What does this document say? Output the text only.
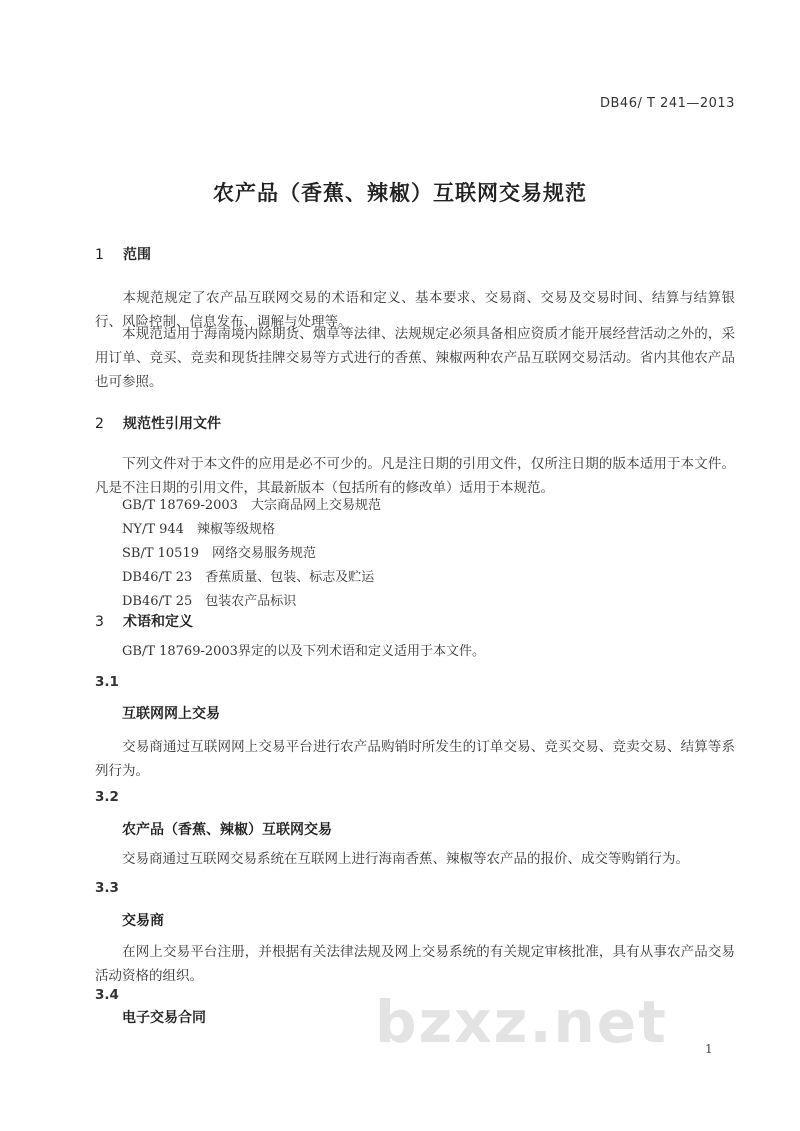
DB46/ T 241—2013
农产品（香蕉、辣椒）互联网交易规范
1 范围
本规范规定了农产品互联网交易的术语和定义、基本要求、交易商、交易及交易时间、结算与结算银行、风险控制、信息发布、调解与处理等。
本规范适用于海南境内除期货、烟草等法律、法规规定必须具备相应资质才能开展经营活动之外的，采用订单、竞买、竞卖和现货挂牌交易等方式进行的香蕉、辣椒两种农产品互联网交易活动。省内其他农产品也可参照。
2 规范性引用文件
下列文件对于本文件的应用是必不可少的。凡是注日期的引用文件，仅所注日期的版本适用于本文件。凡是不注日期的引用文件，其最新版本（包括所有的修改单）适用于本规范。
GB/T 18769-2003　大宗商品网上交易规范
NY/T 944　辣椒等级规格
SB/T 10519　网络交易服务规范
DB46/T 23　香蕉质量、包装、标志及贮运
DB46/T 25　包装农产品标识
3 术语和定义
GB/T 18769-2003界定的以及下列术语和定义适用于本文件。
3.1
互联网网上交易
交易商通过互联网网上交易平台进行农产品购销时所发生的订单交易、竞买交易、竞卖交易、结算等系列行为。
3.2
农产品（香蕉、辣椒）互联网交易
交易商通过互联网交易系统在互联网上进行海南香蕉、辣椒等农产品的报价、成交等购销行为。
3.3
交易商
在网上交易平台注册，并根据有关法律法规及网上交易系统的有关规定审核批准，具有从事农产品交易活动资格的组织。
3.4
电子交易合同	bzxz.net	1
